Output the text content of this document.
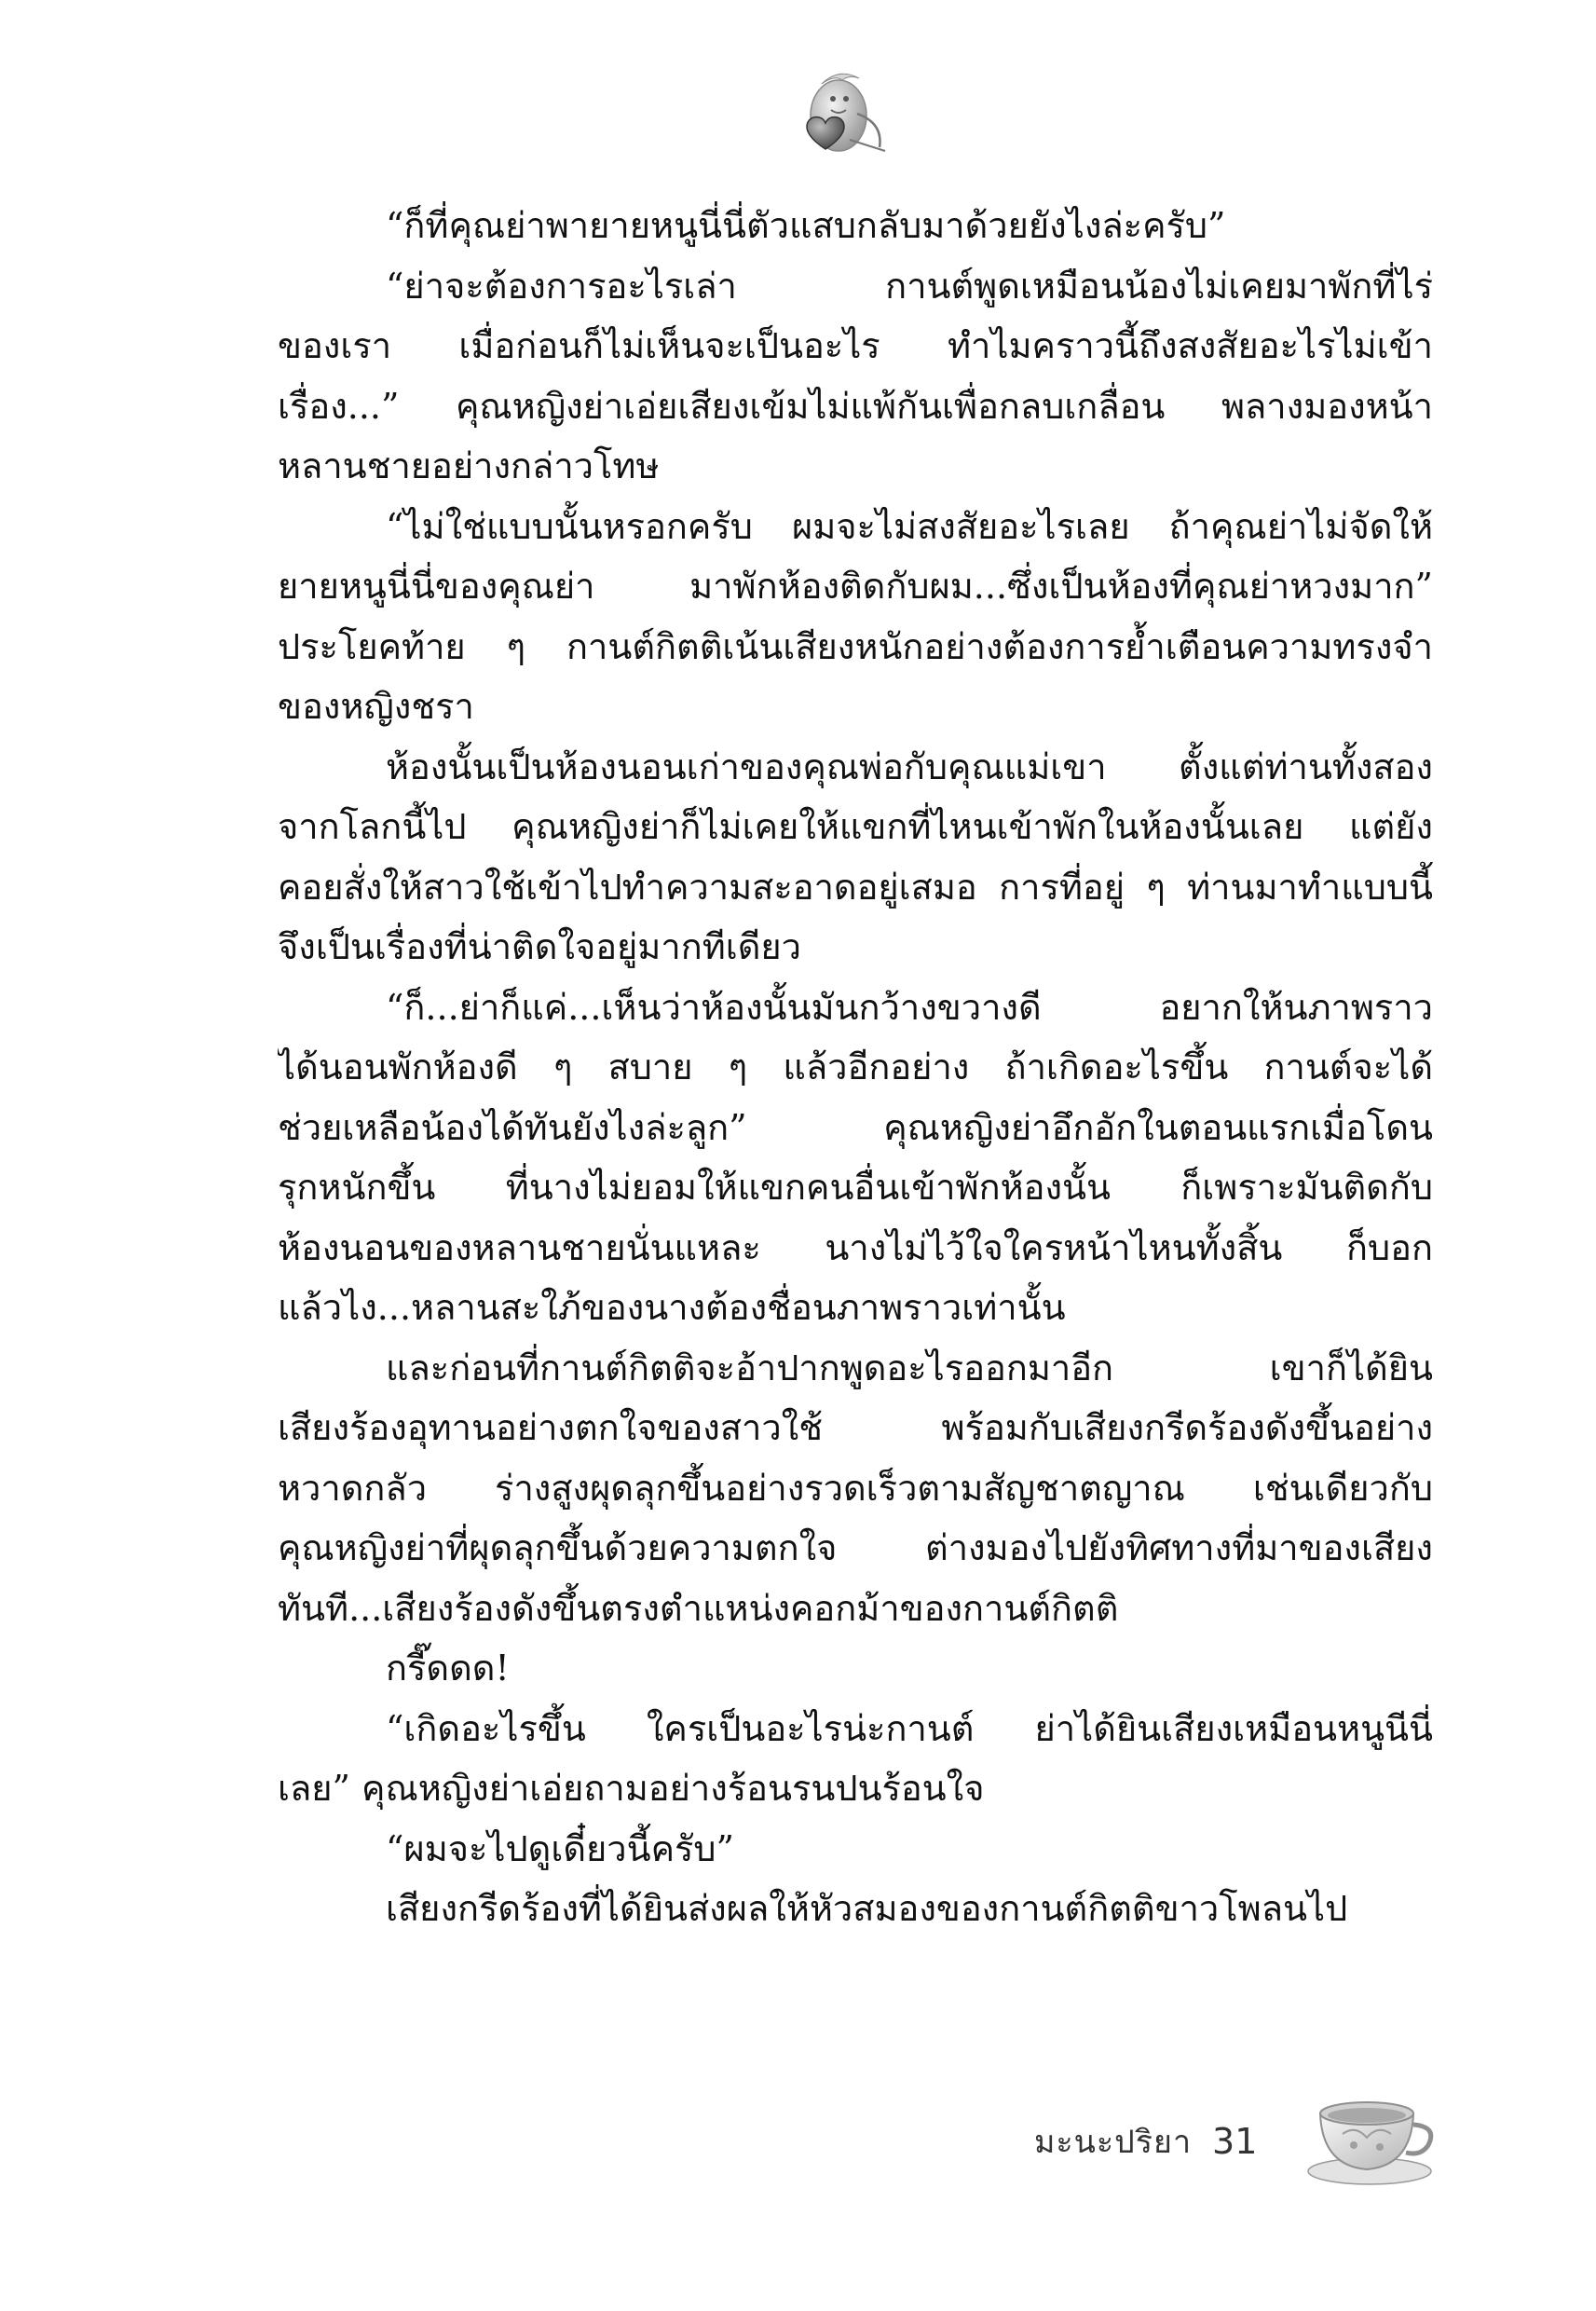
“ก็ที่คุณย่าพายายหนูนี่นี่ตัวแสบกลับมาด้วยยังไงล่ะครับ”
“ย่าจะต้องการอะไรเล่า กานต์พูดเหมือนน้องไม่เคยมาพักที่ไร่
ของเรา เมื่อก่อนก็ไม่เห็นจะเป็นอะไร ทำไมคราวนี้ถึงสงสัยอะไรไม่เข้า
เรื่อง...” คุณหญิงย่าเอ่ยเสียงเข้มไม่แพ้กันเพื่อกลบเกลื่อน พลางมองหน้า
หลานชายอย่างกล่าวโทษ
“ไม่ใช่แบบนั้นหรอกครับ ผมจะไม่สงสัยอะไรเลย ถ้าคุณย่าไม่จัดให้
ยายหนูนี่นี่ของคุณย่า มาพักห้องติดกับผม...ซึ่งเป็นห้องที่คุณย่าหวงมาก”
ประโยคท้าย ๆ กานต์กิตติเน้นเสียงหนักอย่างต้องการย้ำเตือนความทรงจำ
ของหญิงชรา
ห้องนั้นเป็นห้องนอนเก่าของคุณพ่อกับคุณแม่เขา ตั้งแต่ท่านทั้งสอง
จากโลกนี้ไป คุณหญิงย่าก็ไม่เคยให้แขกที่ไหนเข้าพักในห้องนั้นเลย แต่ยัง
คอยสั่งให้สาวใช้เข้าไปทำความสะอาดอยู่เสมอ การที่อยู่ ๆ ท่านมาทำแบบนี้
จึงเป็นเรื่องที่น่าติดใจอยู่มากทีเดียว
“ก็...ย่าก็แค่...เห็นว่าห้องนั้นมันกว้างขวางดี อยากให้นภาพราว
ได้นอนพักห้องดี ๆ สบาย ๆ แล้วอีกอย่าง ถ้าเกิดอะไรขึ้น กานต์จะได้
ช่วยเหลือน้องได้ทันยังไงล่ะลูก” คุณหญิงย่าอึกอักในตอนแรกเมื่อโดน
รุกหนักขึ้น ที่นางไม่ยอมให้แขกคนอื่นเข้าพักห้องนั้น ก็เพราะมันติดกับ
ห้องนอนของหลานชายนั่นแหละ นางไม่ไว้ใจใครหน้าไหนทั้งสิ้น ก็บอก
แล้วไง...หลานสะใภ้ของนางต้องชื่อนภาพราวเท่านั้น
และก่อนที่กานต์กิตติจะอ้าปากพูดอะไรออกมาอีก เขาก็ได้ยิน
เสียงร้องอุทานอย่างตกใจของสาวใช้ พร้อมกับเสียงกรีดร้องดังขึ้นอย่าง
หวาดกลัว ร่างสูงผุดลุกขึ้นอย่างรวดเร็วตามสัญชาตญาณ เช่นเดียวกับ
คุณหญิงย่าที่ผุดลุกขึ้นด้วยความตกใจ ต่างมองไปยังทิศทางที่มาของเสียง
ทันที...เสียงร้องดังขึ้นตรงตำแหน่งคอกม้าของกานต์กิตติ
กรี๊ดดด!
“เกิดอะไรขึ้น ใครเป็นอะไรน่ะกานต์ ย่าได้ยินเสียงเหมือนหนูนีนี่
เลย” คุณหญิงย่าเอ่ยถามอย่างร้อนรนปนร้อนใจ
“ผมจะไปดูเดี๋ยวนี้ครับ”
เสียงกรีดร้องที่ได้ยินส่งผลให้หัวสมองของกานต์กิตติขาวโพลนไป
มะนะปริยา 31
